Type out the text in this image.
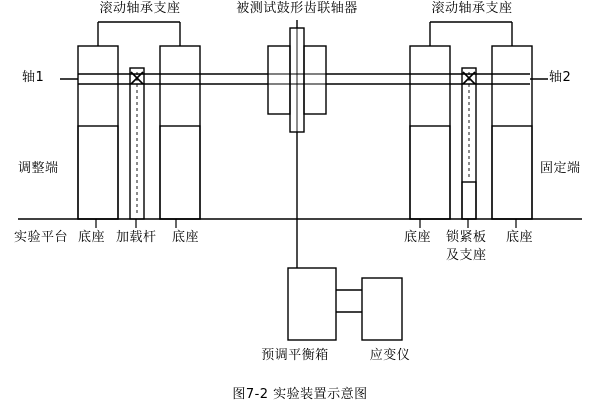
滚动轴承支座	被测试鼓形齿联轴器	滚动轴承支座
轴1	轴2
调整端	固定端
实验平台 底座 加载杆 底座	底座 锁紧板
及支座
底座
预调平衡箱	应变仪
图7-2 实验装置示意图
